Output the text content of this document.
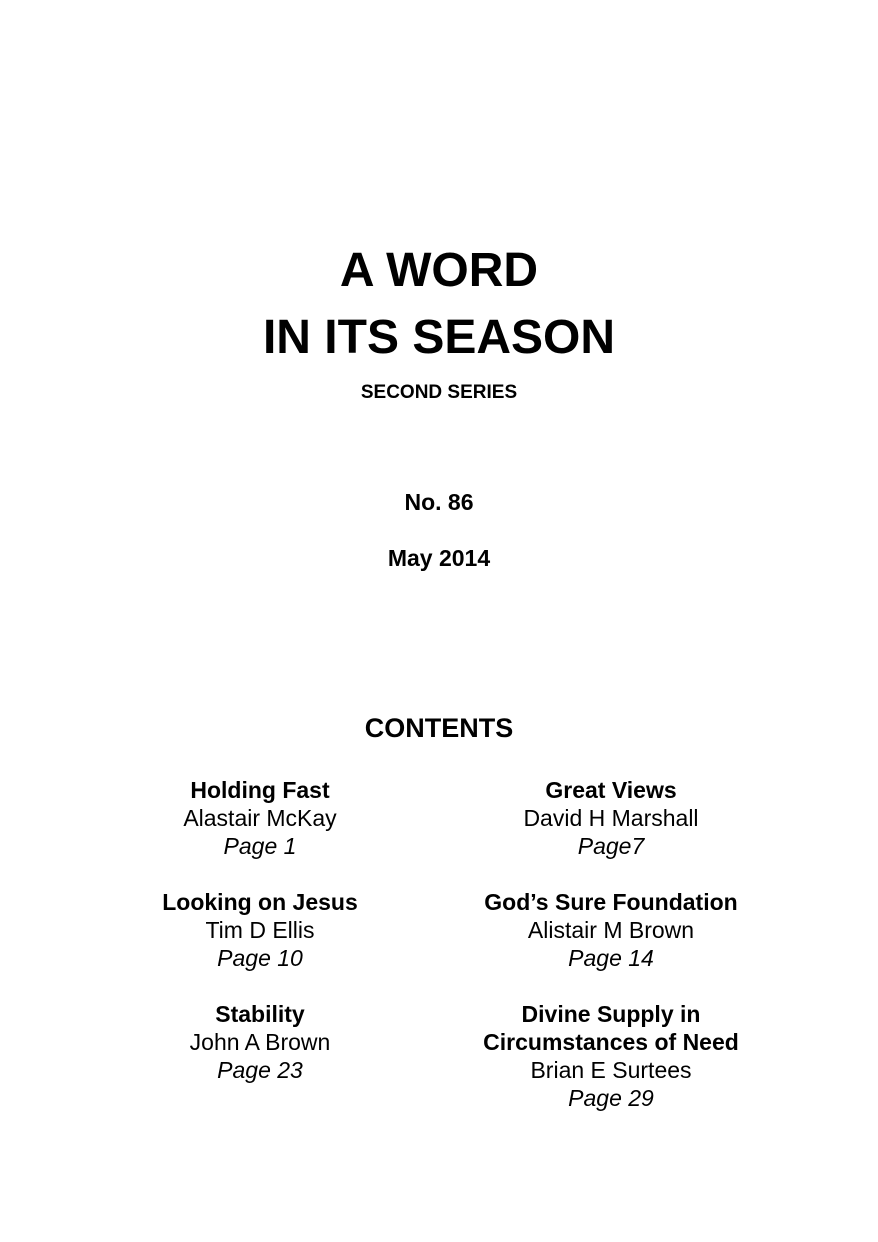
A WORD
IN ITS SEASON
SECOND SERIES
No. 86
May 2014
CONTENTS
Holding Fast
Alastair McKay
Page 1
Looking on Jesus
Tim D Ellis
Page 10
Stability
John A Brown
Page 23
Great Views
David H Marshall
Page7
God’s Sure Foundation
Alistair M Brown
Page 14
Divine Supply in
Circumstances of Need
Brian E Surtees
Page 29
